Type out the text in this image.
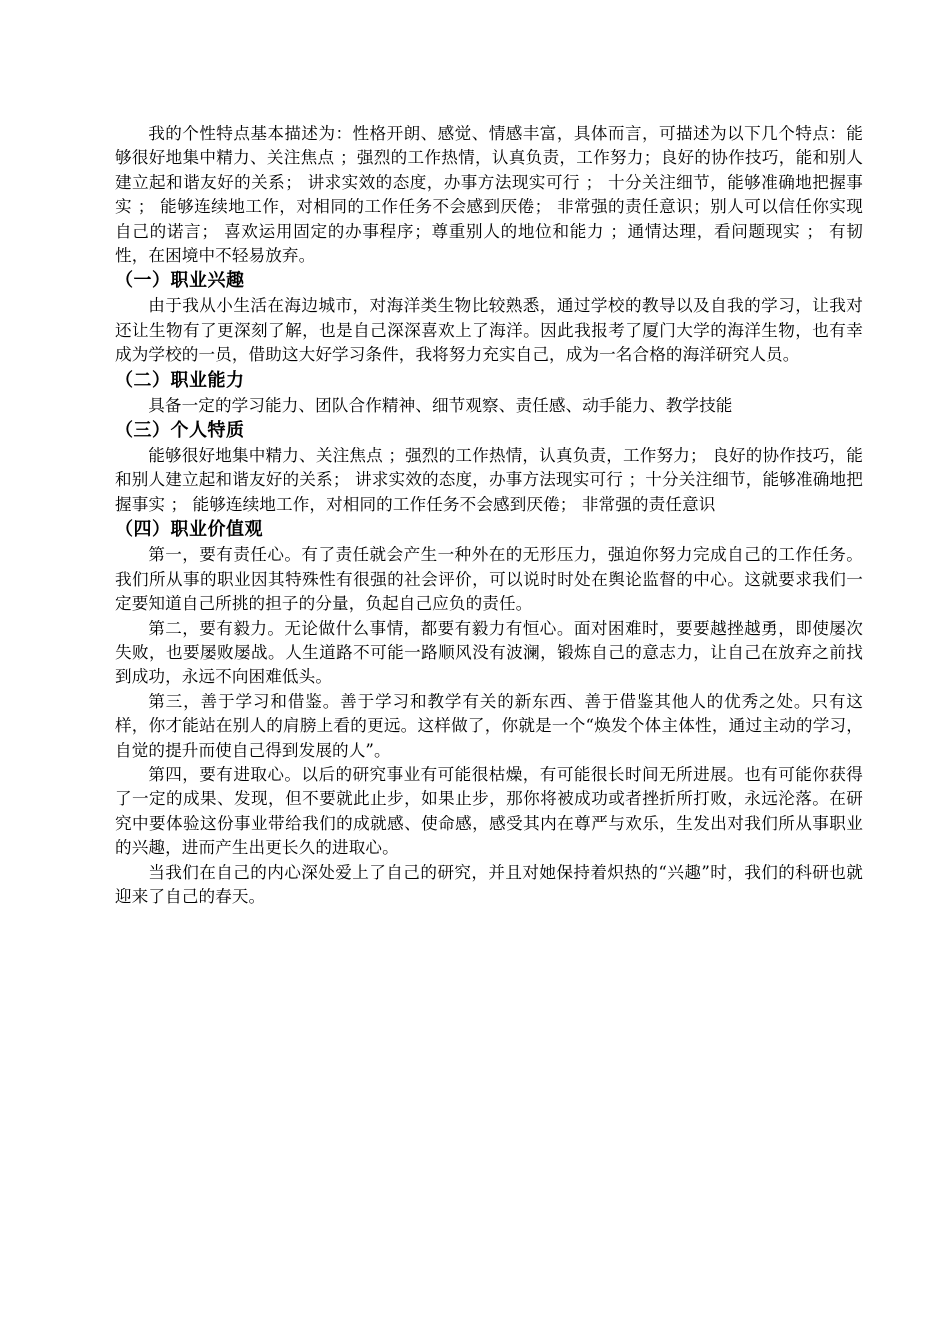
我的个性特点基本描述为：性格开朗、感觉、情感丰富，具体而言，可描述为以下几个特点：能够很好地集中精力、关注焦点 ；强烈的工作热情，认真负责，工作努力；良好的协作技巧，能和别人建立起和谐友好的关系； 讲求实效的态度，办事方法现实可行 ； 十分关注细节，能够准确地把握事实 ； 能够连续地工作，对相同的工作任务不会感到厌倦； 非常强的责任意识；别人可以信任你实现自己的诺言； 喜欢运用固定的办事程序；尊重别人的地位和能力 ；通情达理，看问题现实 ； 有韧性，在困境中不轻易放弃。

（一）职业兴趣

由于我从小生活在海边城市，对海洋类生物比较熟悉，通过学校的教导以及自我的学习，让我对还让生物有了更深刻了解，也是自己深深喜欢上了海洋。因此我报考了厦门大学的海洋生物，也有幸成为学校的一员，借助这大好学习条件，我将努力充实自己，成为一名合格的海洋研究人员。

（二）职业能力

具备一定的学习能力、团队合作精神、细节观察、责任感、动手能力、教学技能

（三）个人特质

能够很好地集中精力、关注焦点 ；强烈的工作热情，认真负责，工作努力； 良好的协作技巧，能和别人建立起和谐友好的关系； 讲求实效的态度，办事方法现实可行 ；十分关注细节，能够准确地把握事实 ； 能够连续地工作，对相同的工作任务不会感到厌倦； 非常强的责任意识

（四）职业价值观

第一，要有责任心。有了责任就会产生一种外在的无形压力，强迫你努力完成自己的工作任务。我们所从事的职业因其特殊性有很强的社会评价，可以说时时处在舆论监督的中心。这就要求我们一定要知道自己所挑的担子的分量，负起自己应负的责任。

第二，要有毅力。无论做什么事情，都要有毅力有恒心。面对困难时，要要越挫越勇，即使屡次失败，也要屡败屡战。人生道路不可能一路顺风没有波澜，锻炼自己的意志力，让自己在放弃之前找到成功，永远不向困难低头。

第三，善于学习和借鉴。善于学习和教学有关的新东西、善于借鉴其他人的优秀之处。只有这样，你才能站在别人的肩膀上看的更远。这样做了，你就是一个“焕发个体主体性，通过主动的学习，自觉的提升而使自己得到发展的人”。

第四，要有进取心。以后的研究事业有可能很枯燥，有可能很长时间无所进展。也有可能你获得了一定的成果、发现，但不要就此止步，如果止步，那你将被成功或者挫折所打败，永远沦落。在研究中要体验这份事业带给我们的成就感、使命感，感受其内在尊严与欢乐，生发出对我们所从事职业的兴趣，进而产生出更长久的进取心。

当我们在自己的内心深处爱上了自己的研究，并且对她保持着炽热的“兴趣”时，我们的科研也就迎来了自己的春天。
